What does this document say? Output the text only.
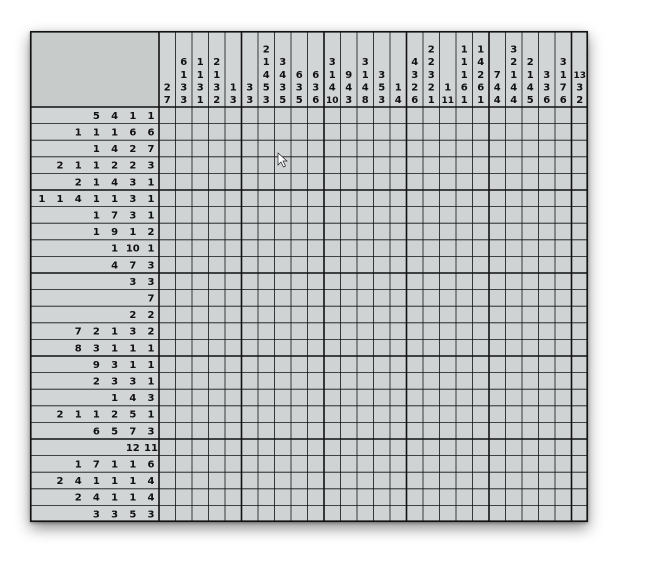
2
7
6
1
3
3
1
1
3
1
2
1
3
2
1
3
3
3
2
1
4
5
3
3
4
3
5
6
3
5
6
3
6
3
1
4
10
9
4
3
3
1
4
8
3
5
3
1
4
4
3
2
6
2
2
3
2
1
1
11
1
1
1
6
1
1
4
2
6
1
7
4
4
3
2
1
4
4
2
1
4
5
3
3
6
3
1
7
6
13
3
2
5 4 1 1
1 1 1 6 6
1 4 2 7
2 1 1 2 2 3
2 1 4 3 1
1 1 4 1 1 3 1
1 7 3 1
1 9 1 2
1 10 1
4 7 3
3 3
7
2 2
7 2 1 3 2
8 3 1 1 1
9 3 1 1
2 3 3 1
1 4 3
2 1 1 2 5 1
6 5 7 3
12 11
1 7 1 1 6
2 4 1 1 1 4
2 4 1 1 4
3 3 5 3
